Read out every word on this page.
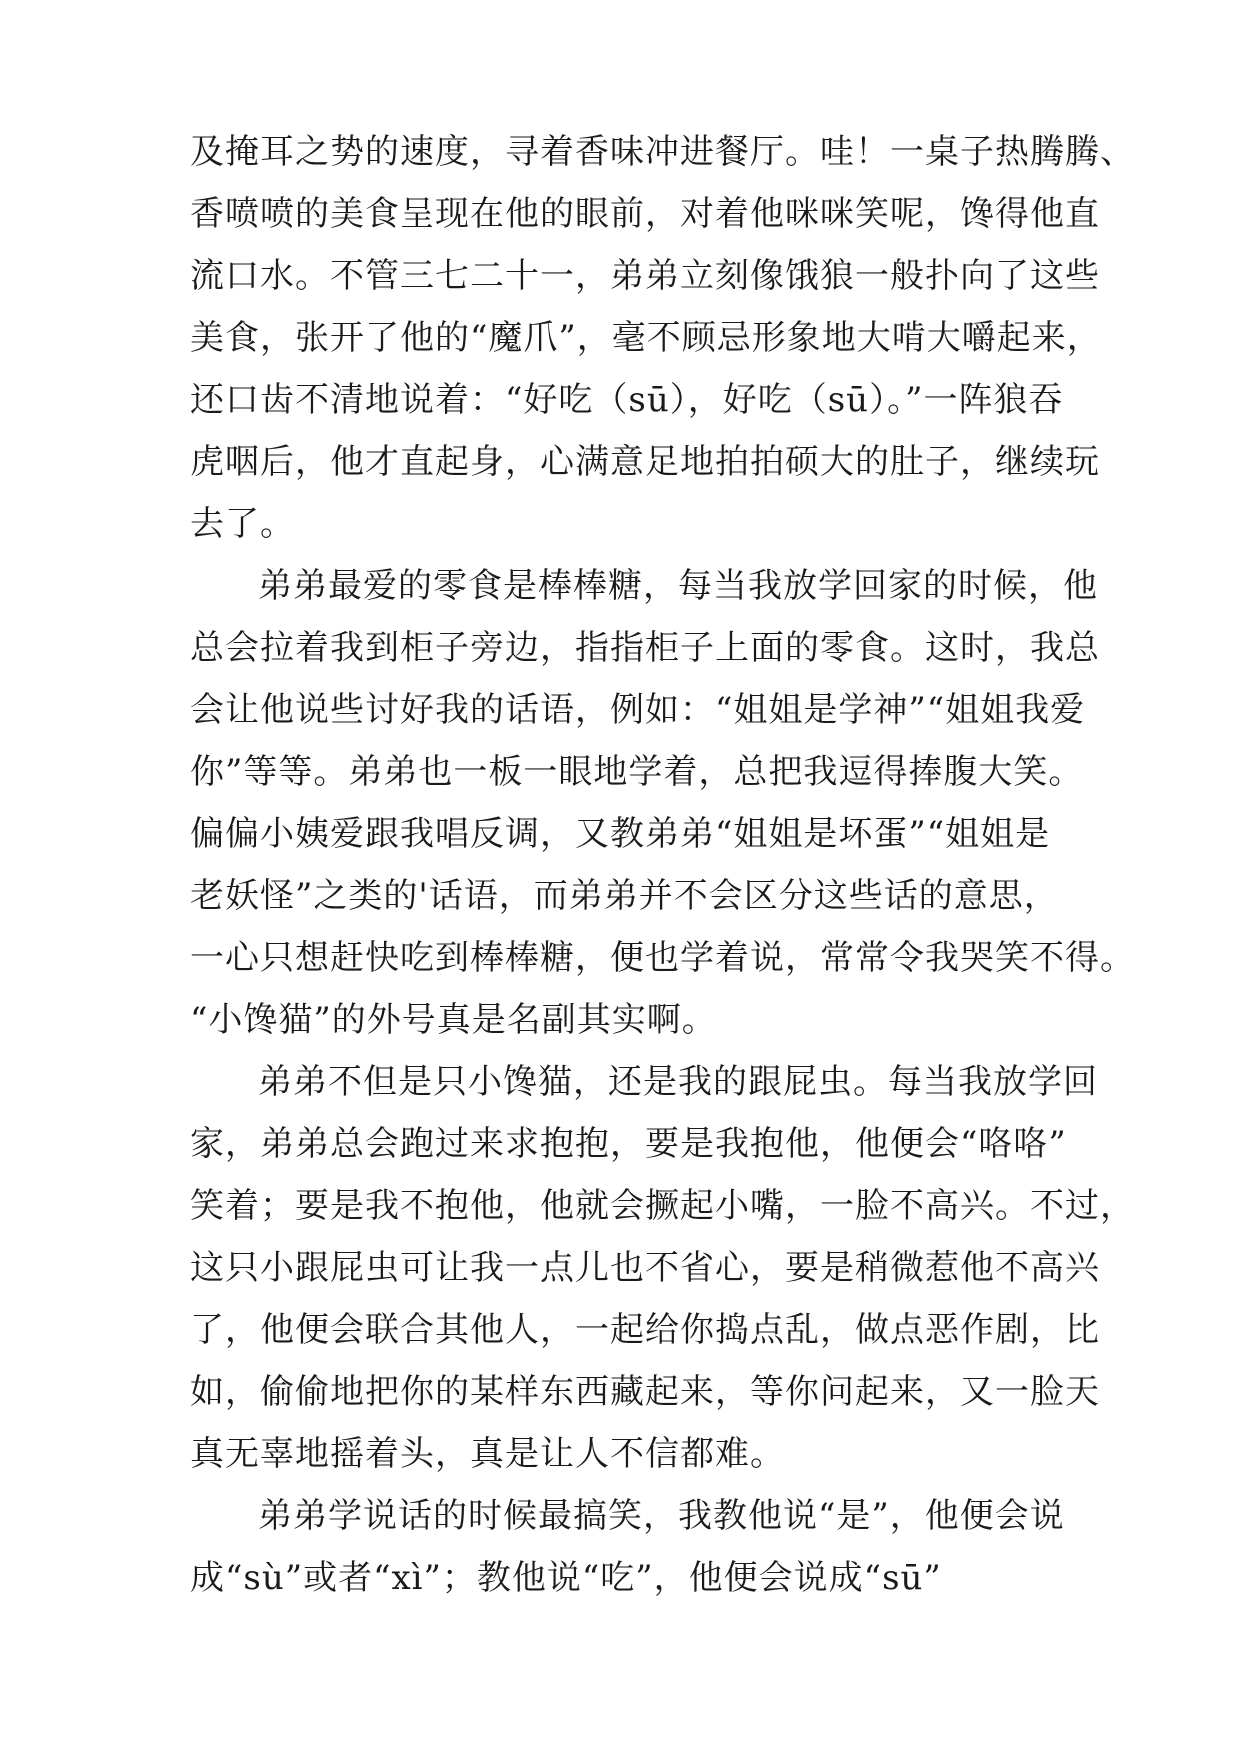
及掩耳之势的速度，寻着香味冲进餐厅。哇！一桌子热腾腾、
香喷喷的美食呈现在他的眼前，对着他咪咪笑呢，馋得他直
流口水。不管三七二十一，弟弟立刻像饿狼一般扑向了这些
美食，张开了他的“魔爪”，毫不顾忌形象地大啃大嚼起来，
还口齿不清地说着：“好吃（sū），好吃（sū）。”一阵狼吞
虎咽后，他才直起身，心满意足地拍拍硕大的肚子，继续玩
去了。
弟弟最爱的零食是棒棒糖，每当我放学回家的时候，他
总会拉着我到柜子旁边，指指柜子上面的零食。这时，我总
会让他说些讨好我的话语，例如：“姐姐是学神”“姐姐我爱
你”等等。弟弟也一板一眼地学着，总把我逗得捧腹大笑。
偏偏小姨爱跟我唱反调，又教弟弟“姐姐是坏蛋”“姐姐是
老妖怪”之类的'话语，而弟弟并不会区分这些话的意思，
一心只想赶快吃到棒棒糖，便也学着说，常常令我哭笑不得。
“小馋猫”的外号真是名副其实啊。
弟弟不但是只小馋猫，还是我的跟屁虫。每当我放学回
家，弟弟总会跑过来求抱抱，要是我抱他，他便会“咯咯”
笑着；要是我不抱他，他就会撅起小嘴，一脸不高兴。不过，
这只小跟屁虫可让我一点儿也不省心，要是稍微惹他不高兴
了，他便会联合其他人，一起给你捣点乱，做点恶作剧，比
如，偷偷地把你的某样东西藏起来，等你问起来，又一脸天
真无辜地摇着头，真是让人不信都难。
弟弟学说话的时候最搞笑，我教他说“是”，他便会说
成“sù”或者“xì”；教他说“吃”，他便会说成“sū”
